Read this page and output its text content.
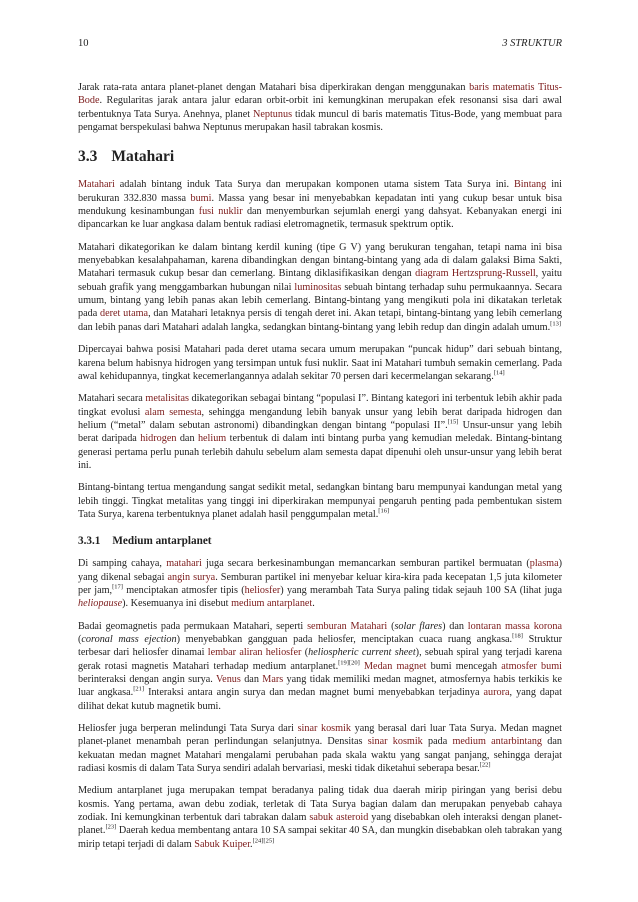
10	3 STRUKTUR

Jarak rata-rata antara planet-planet dengan Matahari bisa diperkirakan dengan menggunakan baris matematis Titus-Bode. Regularitas jarak antara jalur edaran orbit-orbit ini kemungkinan merupakan efek resonansi sisa dari awal terbentuknya Tata Surya. Anehnya, planet Neptunus tidak muncul di baris matematis Titus-Bode, yang membuat para pengamat berspekulasi bahwa Neptunus merupakan hasil tabrakan kosmis.

3.3 Matahari

Matahari adalah bintang induk Tata Surya dan merupakan komponen utama sistem Tata Surya ini. Bintang ini berukuran 332.830 massa bumi. Massa yang besar ini menyebabkan kepadatan inti yang cukup besar untuk bisa mendukung kesinambungan fusi nuklir dan menyemburkan sejumlah energi yang dahsyat. Kebanyakan energi ini dipancarkan ke luar angkasa dalam bentuk radiasi eletromagnetik, termasuk spektrum optik.

Matahari dikategorikan ke dalam bintang kerdil kuning (tipe G V) yang berukuran tengahan, tetapi nama ini bisa menyebabkan kesalahpahaman, karena dibandingkan dengan bintang-bintang yang ada di dalam galaksi Bima Sakti, Matahari termasuk cukup besar dan cemerlang. Bintang diklasifikasikan dengan diagram Hertzsprung-Russell, yaitu sebuah grafik yang menggambarkan hubungan nilai luminositas sebuah bintang terhadap suhu permukaannya. Secara umum, bintang yang lebih panas akan lebih cemerlang. Bintang-bintang yang mengikuti pola ini dikatakan terletak pada deret utama, dan Matahari letaknya persis di tengah deret ini. Akan tetapi, bintang-bintang yang lebih cemerlang dan lebih panas dari Matahari adalah langka, sedangkan bintang-bintang yang lebih redup dan dingin adalah umum.[13]

Dipercayai bahwa posisi Matahari pada deret utama secara umum merupakan “puncak hidup” dari sebuah bintang, karena belum habisnya hidrogen yang tersimpan untuk fusi nuklir. Saat ini Matahari tumbuh semakin cemerlang. Pada awal kehidupannya, tingkat kecemerlangannya adalah sekitar 70 persen dari kecermelangan sekarang.[14]

Matahari secara metalisitas dikategorikan sebagai bintang “populasi I”. Bintang kategori ini terbentuk lebih akhir pada tingkat evolusi alam semesta, sehingga mengandung lebih banyak unsur yang lebih berat daripada hidrogen dan helium (“metal” dalam sebutan astronomi) dibandingkan dengan bintang “populasi II”.[15] Unsur-unsur yang lebih berat daripada hidrogen dan helium terbentuk di dalam inti bintang purba yang kemudian meledak. Bintang-bintang generasi pertama perlu punah terlebih dahulu sebelum alam semesta dapat dipenuhi oleh unsur-unsur yang lebih berat ini.

Bintang-bintang tertua mengandung sangat sedikit metal, sedangkan bintang baru mempunyai kandungan metal yang lebih tinggi. Tingkat metalitas yang tinggi ini diperkirakan mempunyai pengaruh penting pada pembentukan sistem Tata Surya, karena terbentuknya planet adalah hasil penggumpalan metal.[16]

3.3.1 Medium antarplanet

Di samping cahaya, matahari juga secara berkesinambungan memancarkan semburan partikel bermuatan (plasma) yang dikenal sebagai angin surya. Semburan partikel ini menyebar keluar kira-kira pada kecepatan 1,5 juta kilometer per jam,[17] menciptakan atmosfer tipis (heliosfer) yang merambah Tata Surya paling tidak sejauh 100 SA (lihat juga heliopause). Kesemuanya ini disebut medium antarplanet.

Badai geomagnetis pada permukaan Matahari, seperti semburan Matahari (solar flares) dan lontaran massa korona (coronal mass ejection) menyebabkan gangguan pada heliosfer, menciptakan cuaca ruang angkasa.[18] Struktur terbesar dari heliosfer dinamai lembar aliran heliosfer (heliospheric current sheet), sebuah spiral yang terjadi karena gerak rotasi magnetis Matahari terhadap medium antarplanet.[19][20] Medan magnet bumi mencegah atmosfer bumi berinteraksi dengan angin surya. Venus dan Mars yang tidak memiliki medan magnet, atmosfernya habis terkikis ke luar angkasa.[21] Interaksi antara angin surya dan medan magnet bumi menyebabkan terjadinya aurora, yang dapat dilihat dekat kutub magnetik bumi.

Heliosfer juga berperan melindungi Tata Surya dari sinar kosmik yang berasal dari luar Tata Surya. Medan magnet planet-planet menambah peran perlindungan selanjutnya. Densitas sinar kosmik pada medium antarbintang dan kekuatan medan magnet Matahari mengalami perubahan pada skala waktu yang sangat panjang, sehingga derajat radiasi kosmis di dalam Tata Surya sendiri adalah bervariasi, meski tidak diketahui seberapa besar.[22]

Medium antarplanet juga merupakan tempat beradanya paling tidak dua daerah mirip piringan yang berisi debu kosmis. Yang pertama, awan debu zodiak, terletak di Tata Surya bagian dalam dan merupakan penyebab cahaya zodiak. Ini kemungkinan terbentuk dari tabrakan dalam sabuk asteroid yang disebabkan oleh interaksi dengan planet-planet.[23] Daerah kedua membentang antara 10 SA sampai sekitar 40 SA, dan mungkin disebabkan oleh tabrakan yang mirip tetapi terjadi di dalam Sabuk Kuiper.[24][25]
